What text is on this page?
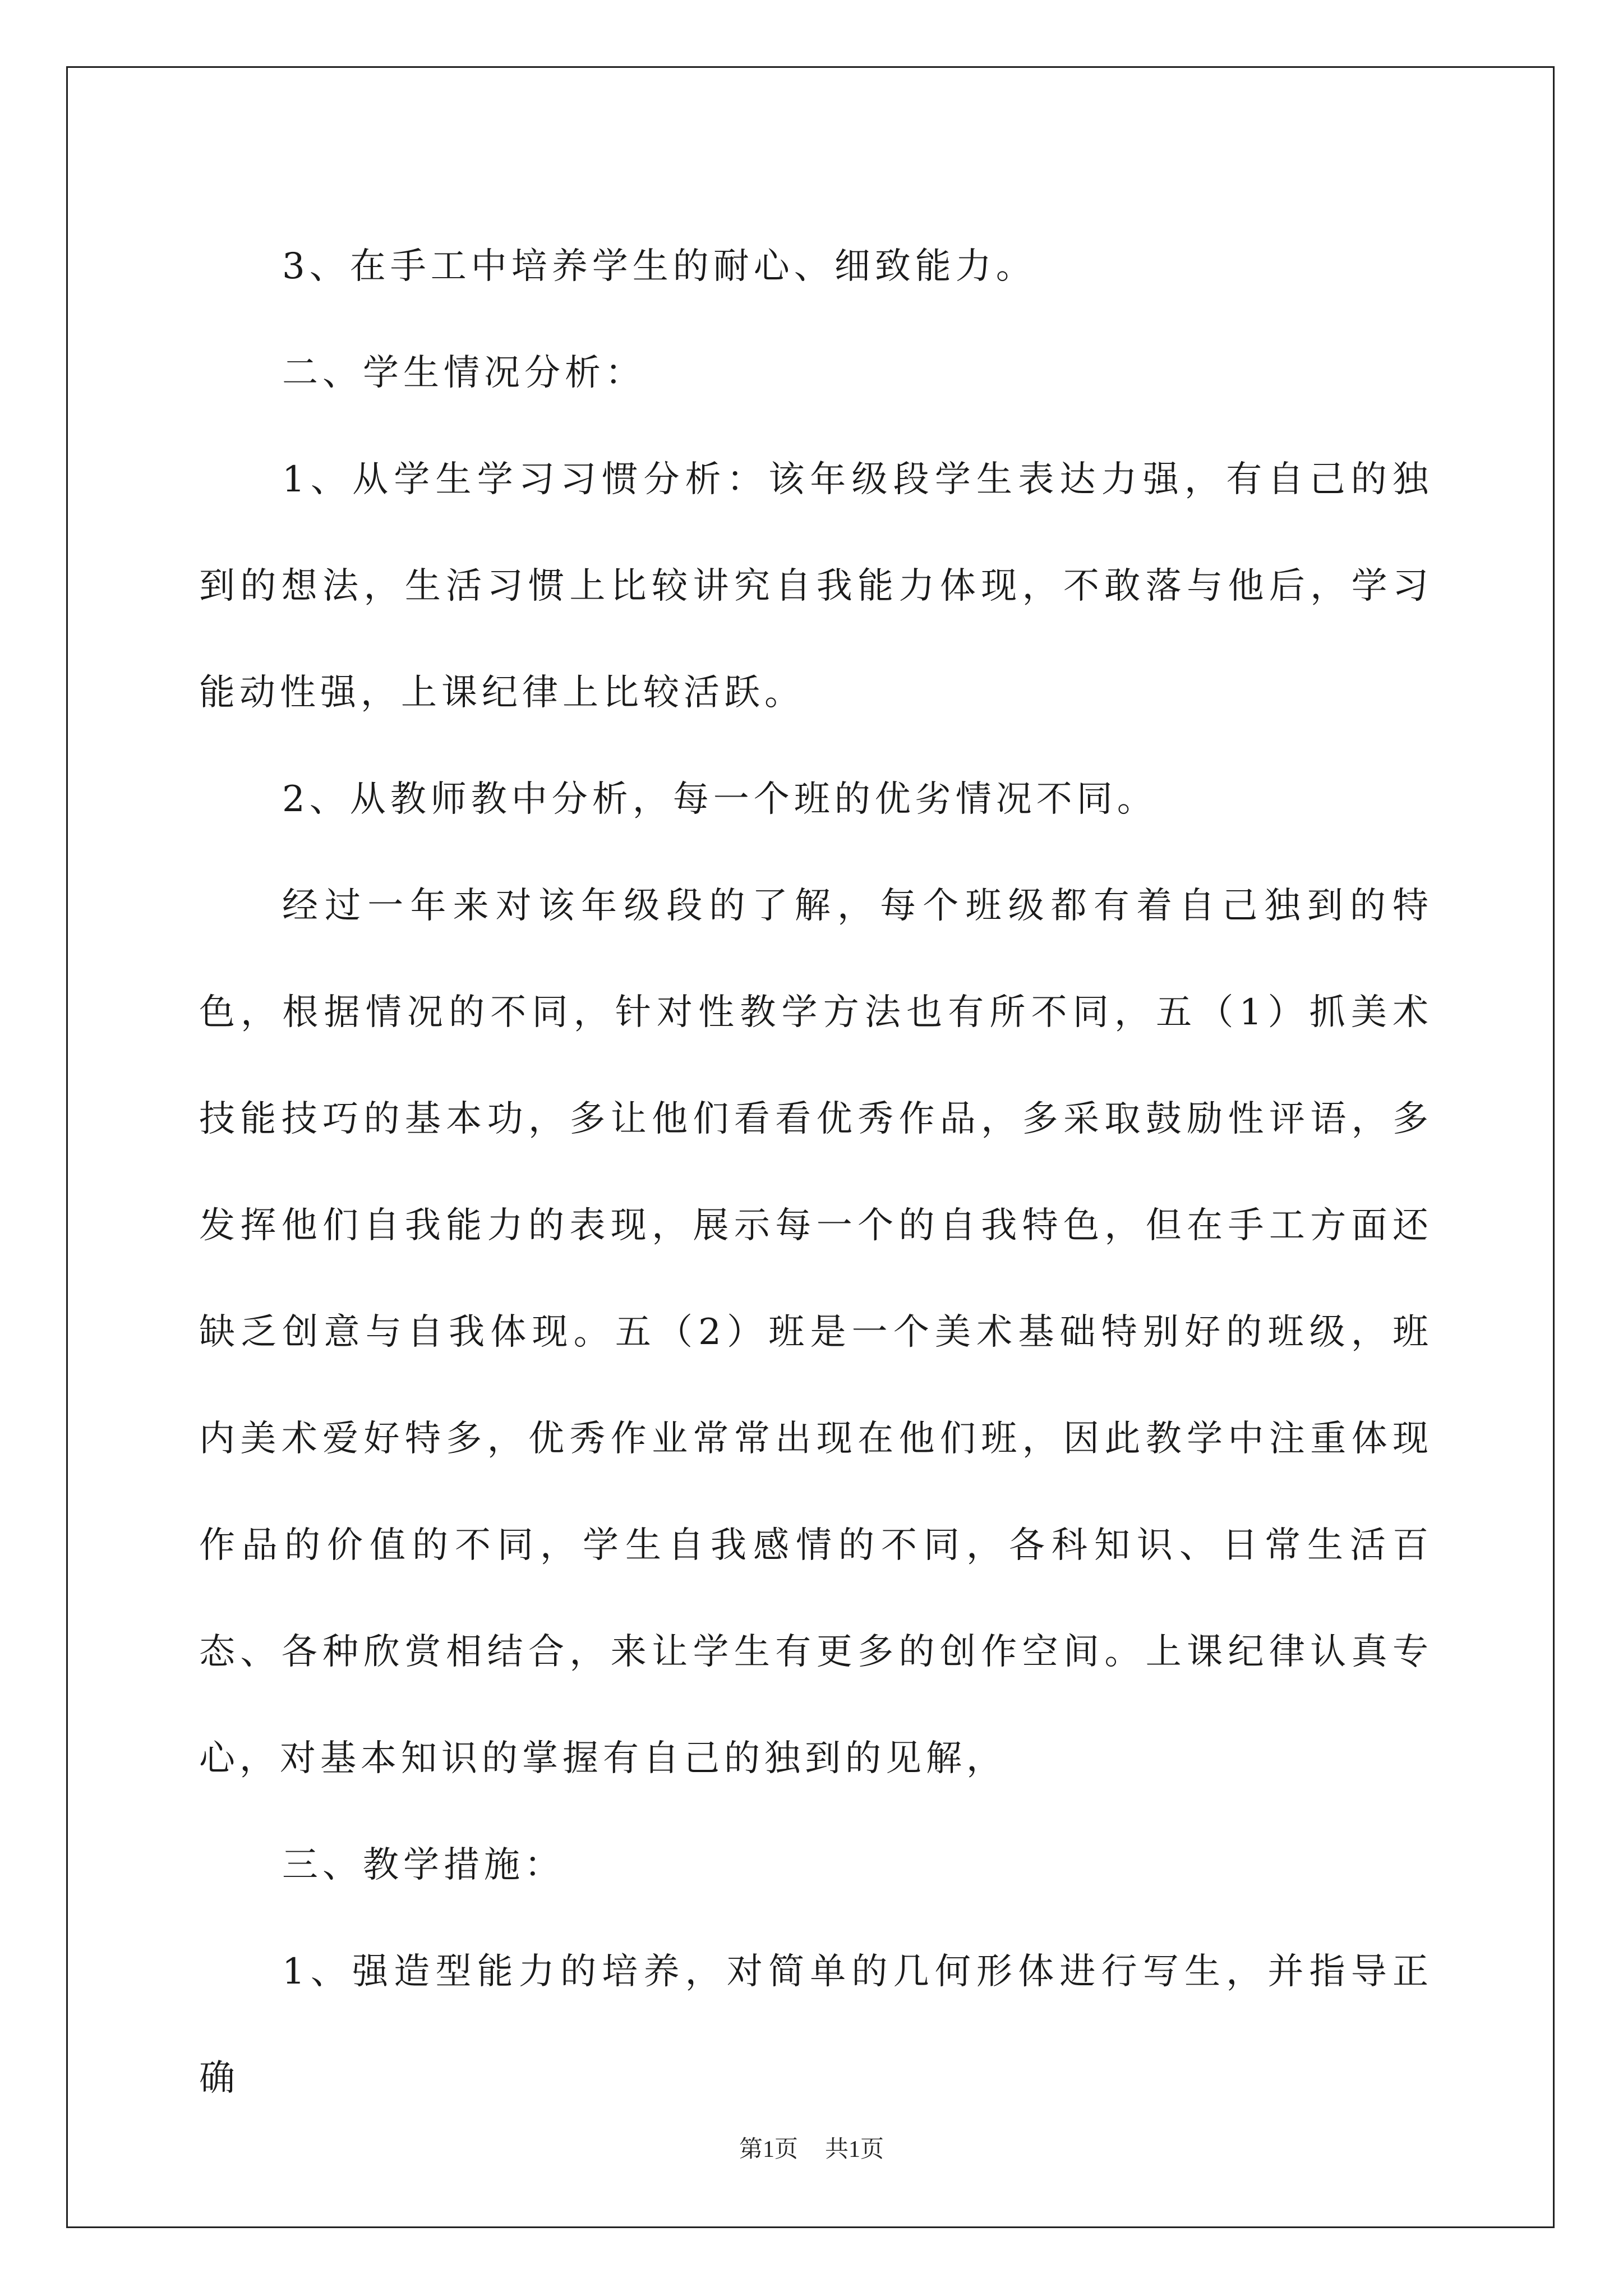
3、在手工中培养学生的耐心、细致能力。

二、学生情况分析：

1、从学生学习习惯分析：该年级段学生表达力强，有自己的独到的想法，生活习惯上比较讲究自我能力体现，不敢落与他后，学习能动性强，上课纪律上比较活跃。

2、从教师教中分析，每一个班的优劣情况不同。

经过一年来对该年级段的了解，每个班级都有着自己独到的特色，根据情况的不同，针对性教学方法也有所不同，五（1）抓美术技能技巧的基本功，多让他们看看优秀作品，多采取鼓励性评语，多发挥他们自我能力的表现，展示每一个的自我特色，但在手工方面还缺乏创意与自我体现。五（2）班是一个美术基础特别好的班级，班内美术爱好特多，优秀作业常常出现在他们班，因此教学中注重体现作品的价值的不同，学生自我感情的不同，各科知识、日常生活百态、各种欣赏相结合，来让学生有更多的创作空间。上课纪律认真专心，对基本知识的掌握有自己的独到的见解，

三、教学措施：

1、强造型能力的培养，对简单的几何形体进行写生，并指导正确

第1页 共1页
